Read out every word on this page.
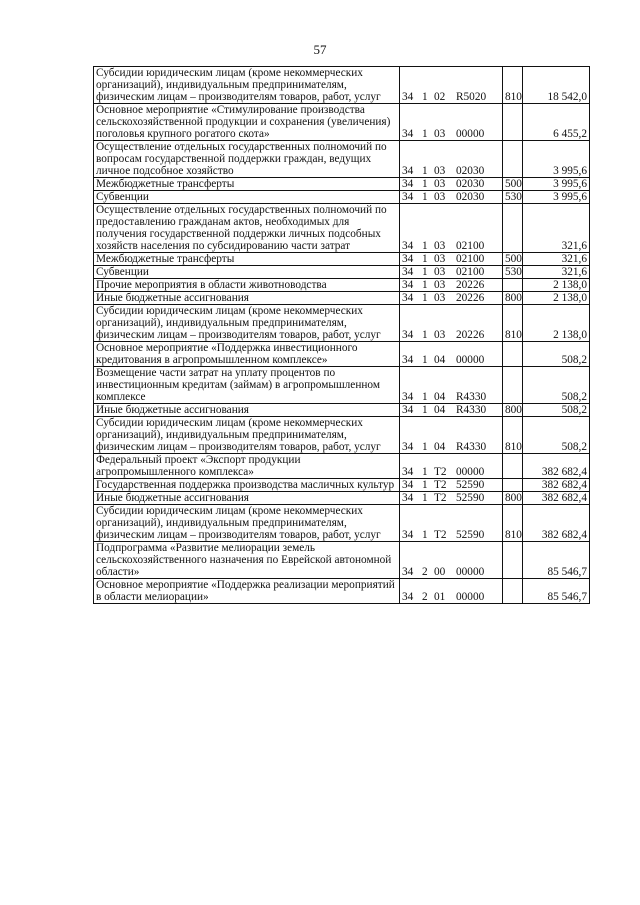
57
Субсидии юридическим лицам (кроме некоммерческих организаций), индивидуальным предпринимателям, физическим лицам – производителям товаров, работ, услуг	34 1 02 R5020	810	18 542,0
Основное мероприятие «Стимулирование производства сельскохозяйственной продукции и сохранения (увеличения) поголовья крупного рогатого скота»	34 1 03 00000		6 455,2
Осуществление отдельных государственных полномочий по вопросам государственной поддержки граждан, ведущих личное подсобное хозяйство	34 1 03 02030		3 995,6
Межбюджетные трансферты	34 1 03 02030	500	3 995,6
Субвенции	34 1 03 02030	530	3 995,6
Осуществление отдельных государственных полномочий по предоставлению гражданам актов, необходимых для получения государственной поддержки личных подсобных хозяйств населения по субсидированию части затрат	34 1 03 02100		321,6
Межбюджетные трансферты	34 1 03 02100	500	321,6
Субвенции	34 1 03 02100	530	321,6
Прочие мероприятия в области животноводства	34 1 03 20226		2 138,0
Иные бюджетные ассигнования	34 1 03 20226	800	2 138,0
Субсидии юридическим лицам (кроме некоммерческих организаций), индивидуальным предпринимателям, физическим лицам – производителям товаров, работ, услуг	34 1 03 20226	810	2 138,0
Основное мероприятие «Поддержка инвестиционного кредитования в агропромышленном комплексе»	34 1 04 00000		508,2
Возмещение части затрат на уплату процентов по инвестиционным кредитам (займам) в агропромышленном комплексе	34 1 04 R4330		508,2
Иные бюджетные ассигнования	34 1 04 R4330	800	508,2
Субсидии юридическим лицам (кроме некоммерческих организаций), индивидуальным предпринимателям, физическим лицам – производителям товаров, работ, услуг	34 1 04 R4330	810	508,2
Федеральный проект «Экспорт продукции агропромышленного комплекса»	34 1 T2 00000		382 682,4
Государственная поддержка производства масличных культур	34 1 T2 52590		382 682,4
Иные бюджетные ассигнования	34 1 T2 52590	800	382 682,4
Субсидии юридическим лицам (кроме некоммерческих организаций), индивидуальным предпринимателям, физическим лицам – производителям товаров, работ, услуг	34 1 T2 52590	810	382 682,4
Подпрограмма «Развитие мелиорации земель сельскохозяйственного назначения по Еврейской автономной области»	34 2 00 00000		85 546,7
Основное мероприятие «Поддержка реализации мероприятий в области мелиорации»	34 2 01 00000		85 546,7
